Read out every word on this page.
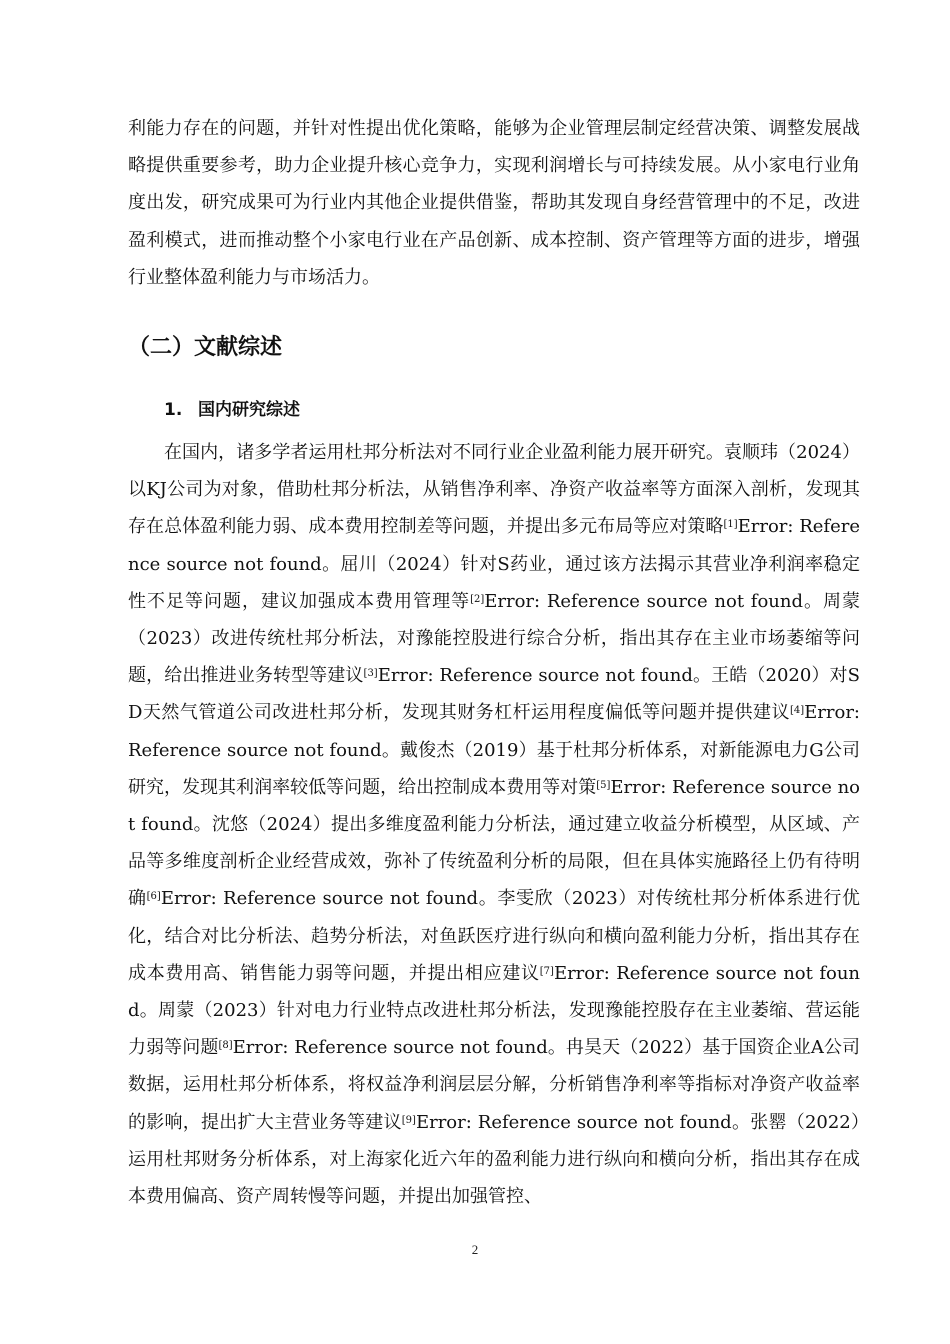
利能力存在的问题，并针对性提出优化策略，能够为企业管理层制定经营决策、调整发展战略提供重要参考，助力企业提升核心竞争力，实现利润增长与可持续发展。从小家电行业角度出发，研究成果可为行业内其他企业提供借鉴，帮助其发现自身经营管理中的不足，改进盈利模式，进而推动整个小家电行业在产品创新、成本控制、资产管理等方面的进步，增强行业整体盈利能力与市场活力。

（二）文献综述
1. 国内研究综述

在国内，诸多学者运用杜邦分析法对不同行业企业盈利能力展开研究。袁顺玮（2024）以KJ公司为对象，借助杜邦分析法，从销售净利率、净资产收益率等方面深入剖析，发现其存在总体盈利能力弱、成本费用控制差等问题，并提出多元布局等应对策略[1]Error: Reference source not found。屈川（2024）针对S药业，通过该方法揭示其营业净利润率稳定性不足等问题，建议加强成本费用管理等[2]Error: Reference source not found。周蒙（2023）改进传统杜邦分析法，对豫能控股进行综合分析，指出其存在主业市场萎缩等问题，给出推进业务转型等建议[3]Error: Reference source not found。王皓（2020）对SD天然气管道公司改进杜邦分析，发现其财务杠杆运用程度偏低等问题并提供建议[4]Error: Reference source not found。戴俊杰（2019）基于杜邦分析体系，对新能源电力G公司研究，发现其利润率较低等问题，给出控制成本费用等对策[5]Error: Reference source not found。沈悠（2024）提出多维度盈利能力分析法，通过建立收益分析模型，从区域、产品等多维度剖析企业经营成效，弥补了传统盈利分析的局限，但在具体实施路径上仍有待明确[6]Error: Reference source not found。李雯欣（2023）对传统杜邦分析体系进行优化，结合对比分析法、趋势分析法，对鱼跃医疗进行纵向和横向盈利能力分析，指出其存在成本费用高、销售能力弱等问题，并提出相应建议[7]Error: Reference source not found。周蒙（2023）针对电力行业特点改进杜邦分析法，发现豫能控股存在主业萎缩、营运能力弱等问题[8]Error: Reference source not found。冉昊天（2022）基于国资企业A公司数据，运用杜邦分析体系，将权益净利润层层分解，分析销售净利率等指标对净资产收益率的影响，提出扩大主营业务等建议[9]Error: Reference source not found。张罂（2022）运用杜邦财务分析体系，对上海家化近六年的盈利能力进行纵向和横向分析，指出其存在成本费用偏高、资产周转慢等问题，并提出加强管控、

2
